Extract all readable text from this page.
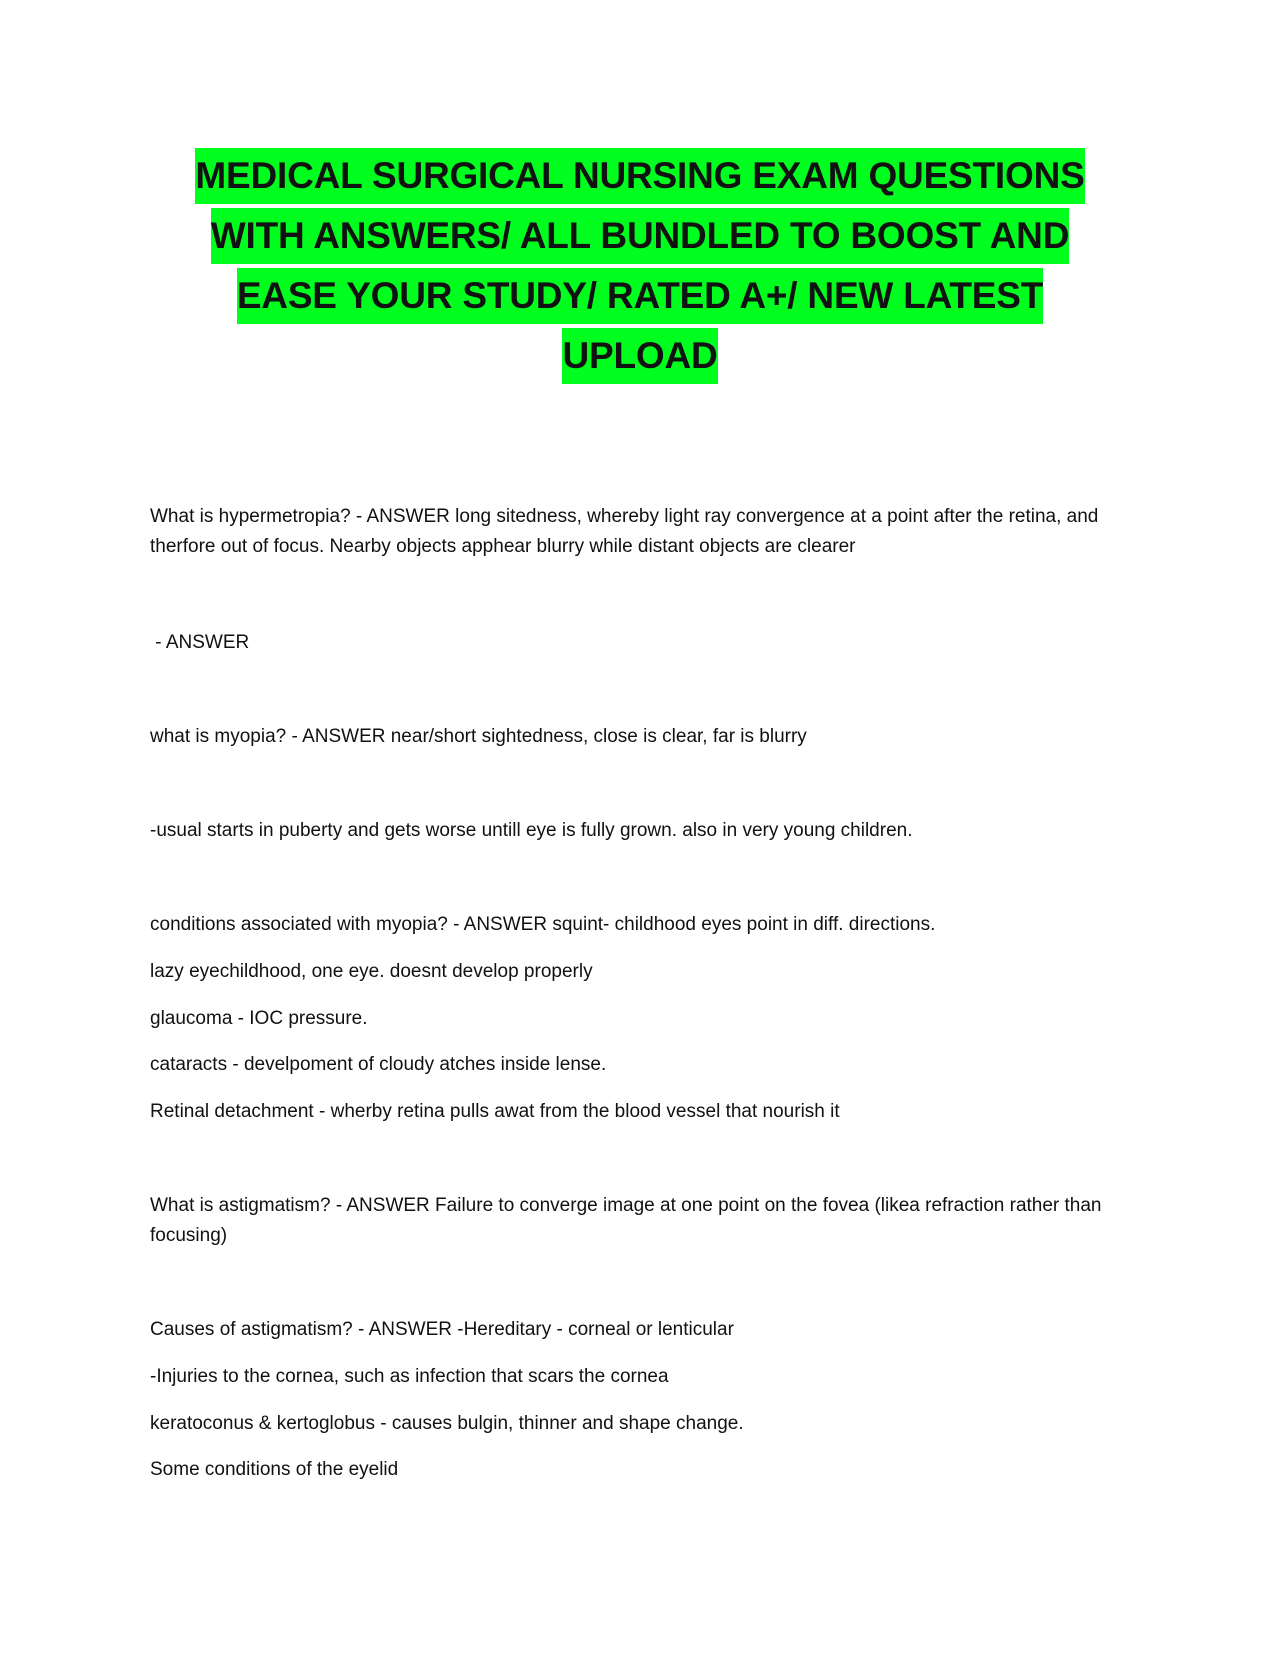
MEDICAL SURGICAL NURSING EXAM QUESTIONS
WITH ANSWERS/ ALL BUNDLED TO BOOST AND
EASE YOUR STUDY/ RATED A+/ NEW LATEST
UPLOAD

What is hypermetropia? - ANSWER long sitedness, whereby light ray convergence at a point after the retina, and therfore out of focus. Nearby objects apphear blurry while distant objects are clearer

- ANSWER

what is myopia? - ANSWER near/short sightedness, close is clear, far is blurry

-usual starts in puberty and gets worse untill eye is fully grown. also in very young children.

conditions associated with myopia? - ANSWER squint- childhood eyes point in diff. directions.

lazy eyechildhood, one eye. doesnt develop properly

glaucoma - IOC pressure.

cataracts - develpoment of cloudy atches inside lense.

Retinal detachment - wherby retina pulls awat from the blood vessel that nourish it

What is astigmatism? - ANSWER Failure to converge image at one point on the fovea (likea refraction rather than focusing)

Causes of astigmatism? - ANSWER -Hereditary - corneal or lenticular

-Injuries to the cornea, such as infection that scars the cornea

keratoconus & kertoglobus - causes bulgin, thinner and shape change.

Some conditions of the eyelid
